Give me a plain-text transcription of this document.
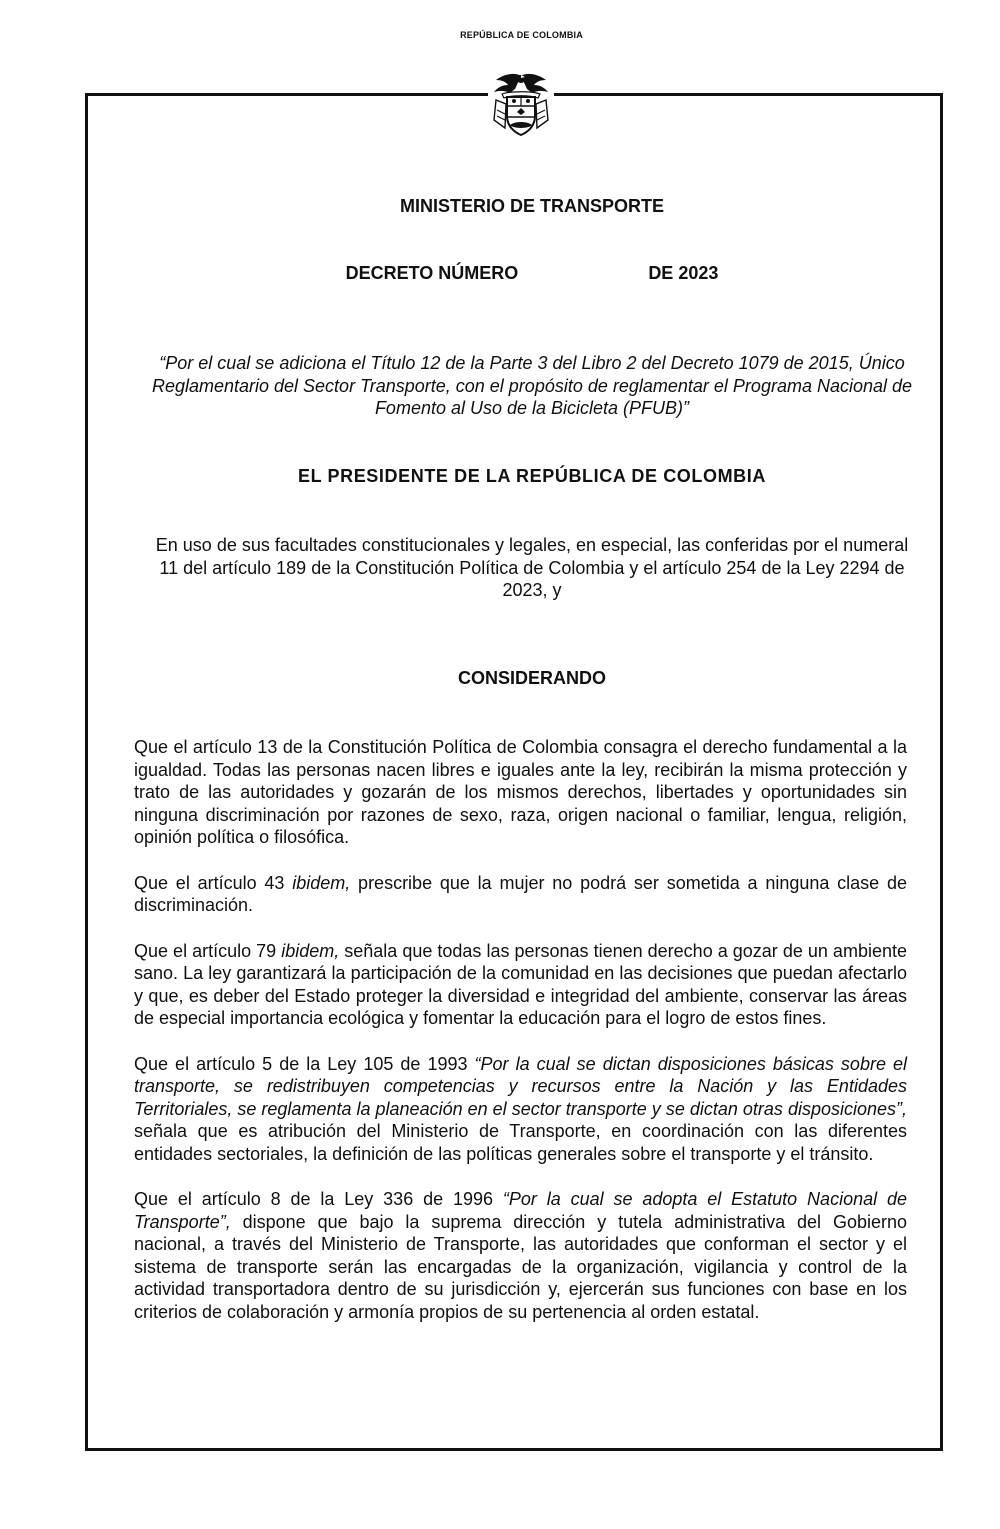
REPÚBLICA DE COLOMBIA
MINISTERIO DE TRANSPORTE
DECRETO NÚMERO	DE 2023
“Por el cual se adiciona el Título 12 de la Parte 3 del Libro 2 del Decreto 1079 de 2015, Único Reglamentario del Sector Transporte, con el propósito de reglamentar el Programa Nacional de Fomento al Uso de la Bicicleta (PFUB)”
EL PRESIDENTE DE LA REPÚBLICA DE COLOMBIA
En uso de sus facultades constitucionales y legales, en especial, las conferidas por el numeral 11 del artículo 189 de la Constitución Política de Colombia y el artículo 254 de la Ley 2294 de 2023, y
CONSIDERANDO

Que el artículo 13 de la Constitución Política de Colombia consagra el derecho fundamental a la igualdad. Todas las personas nacen libres e iguales ante la ley, recibirán la misma protección y trato de las autoridades y gozarán de los mismos derechos, libertades y oportunidades sin ninguna discriminación por razones de sexo, raza, origen nacional o familiar, lengua, religión, opinión política o filosófica.

Que el artículo 43 ibidem, prescribe que la mujer no podrá ser sometida a ninguna clase de discriminación.

Que el artículo 79 ibidem, señala que todas las personas tienen derecho a gozar de un ambiente sano. La ley garantizará la participación de la comunidad en las decisiones que puedan afectarlo y que, es deber del Estado proteger la diversidad e integridad del ambiente, conservar las áreas de especial importancia ecológica y fomentar la educación para el logro de estos fines.

Que el artículo 5 de la Ley 105 de 1993 “Por la cual se dictan disposiciones básicas sobre el transporte, se redistribuyen competencias y recursos entre la Nación y las Entidades Territoriales, se reglamenta la planeación en el sector transporte y se dictan otras disposiciones”, señala que es atribución del Ministerio de Transporte, en coordinación con las diferentes entidades sectoriales, la definición de las políticas generales sobre el transporte y el tránsito.

Que el artículo 8 de la Ley 336 de 1996 “Por la cual se adopta el Estatuto Nacional de Transporte”, dispone que bajo la suprema dirección y tutela administrativa del Gobierno nacional, a través del Ministerio de Transporte, las autoridades que conforman el sector y el sistema de transporte serán las encargadas de la organización, vigilancia y control de la actividad transportadora dentro de su jurisdicción y, ejercerán sus funciones con base en los criterios de colaboración y armonía propios de su pertenencia al orden estatal.
